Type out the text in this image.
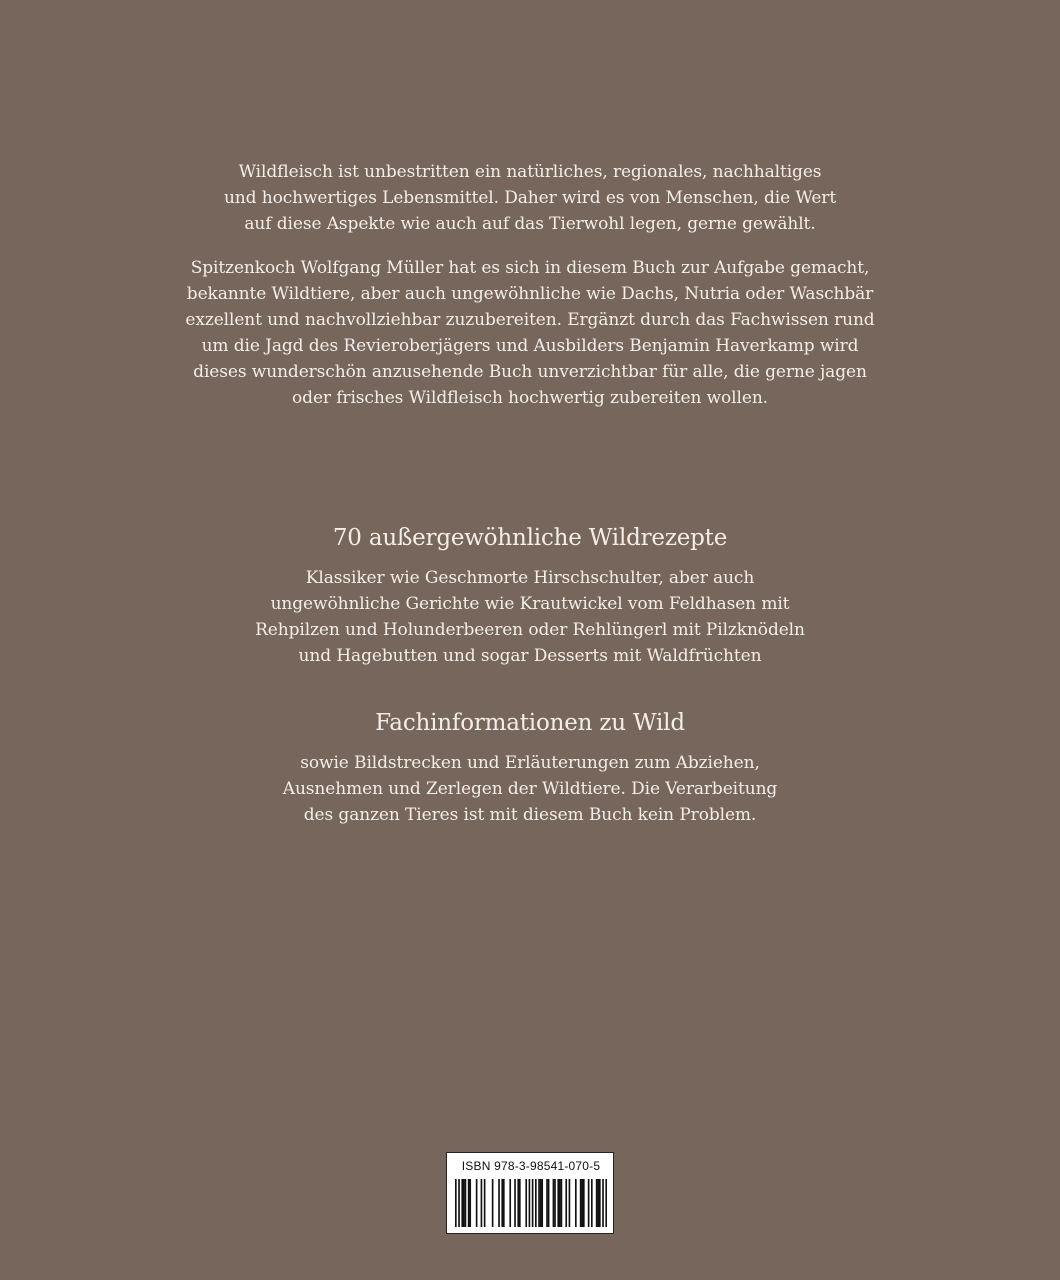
Wildfleisch ist unbestritten ein natürliches, regionales, nachhaltiges
und hochwertiges Lebensmittel. Daher wird es von Menschen, die Wert
auf diese Aspekte wie auch auf das Tierwohl legen, gerne gewählt.
Spitzenkoch Wolfgang Müller hat es sich in diesem Buch zur Aufgabe gemacht,
bekannte Wildtiere, aber auch ungewöhnliche wie Dachs, Nutria oder Waschbär
exzellent und nachvollziehbar zuzubereiten. Ergänzt durch das Fachwissen rund
um die Jagd des Revieroberjägers und Ausbilders Benjamin Haverkamp wird
dieses wunderschön anzusehende Buch unverzichtbar für alle, die gerne jagen
oder frisches Wildfleisch hochwertig zubereiten wollen.
70 außergewöhnliche Wildrezepte
Klassiker wie Geschmorte Hirschschulter, aber auch
ungewöhnliche Gerichte wie Krautwickel vom Feldhasen mit
Rehpilzen und Holunderbeeren oder Rehlüngerl mit Pilzknödeln
und Hagebutten und sogar Desserts mit Waldfrüchten
Fachinformationen zu Wild
sowie Bildstrecken und Erläuterungen zum Abziehen,
Ausnehmen und Zerlegen der Wildtiere. Die Verarbeitung
des ganzen Tieres ist mit diesem Buch kein Problem.
ISBN 978-3-98541-070-5
